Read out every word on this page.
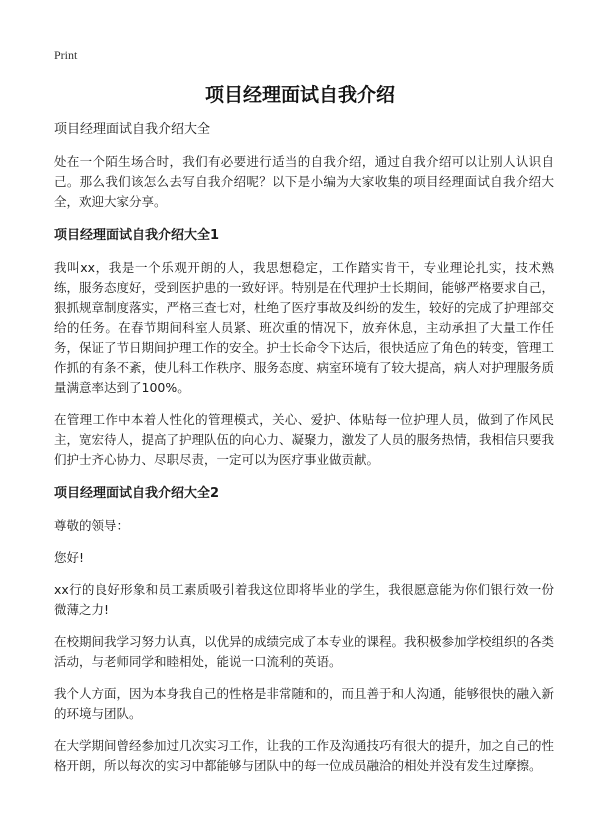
Print
项目经理面试自我介绍
项目经理面试自我介绍大全

处在一个陌生场合时，我们有必要进行适当的自我介绍，通过自我介绍可以让别人认识自己。那么我们该怎么去写自我介绍呢？以下是小编为大家收集的项目经理面试自我介绍大全，欢迎大家分享。

项目经理面试自我介绍大全1

我叫xx，我是一个乐观开朗的人，我思想稳定，工作踏实肯干，专业理论扎实，技术熟练，服务态度好，受到医护患的一致好评。特别是在代理护士长期间，能够严格要求自己，狠抓规章制度落实，严格三查七对，杜绝了医疗事故及纠纷的发生，较好的完成了护理部交给的任务。在春节期间科室人员紧、班次重的情况下，放弃休息，主动承担了大量工作任务，保证了节日期间护理工作的安全。护士长命令下达后，很快适应了角色的转变，管理工作抓的有条不紊，使儿科工作秩序、服务态度、病室环境有了较大提高，病人对护理服务质量满意率达到了100%。

在管理工作中本着人性化的管理模式，关心、爱护、体贴每一位护理人员，做到了作风民主，宽宏待人，提高了护理队伍的向心力、凝聚力，激发了人员的服务热情，我相信只要我们护士齐心协力、尽职尽责，一定可以为医疗事业做贡献。

项目经理面试自我介绍大全2

尊敬的领导：

您好!

xx行的良好形象和员工素质吸引着我这位即将毕业的学生，我很愿意能为你们银行效一份微薄之力!

在校期间我学习努力认真，以优异的成绩完成了本专业的课程。我积极参加学校组织的各类活动，与老师同学和睦相处，能说一口流利的英语。

我个人方面，因为本身我自己的性格是非常随和的，而且善于和人沟通，能够很快的融入新的环境与团队。

在大学期间曾经参加过几次实习工作，让我的工作及沟通技巧有很大的提升，加之自己的性格开朗，所以每次的实习中都能够与团队中的每一位成员融洽的相处并没有发生过摩擦。
